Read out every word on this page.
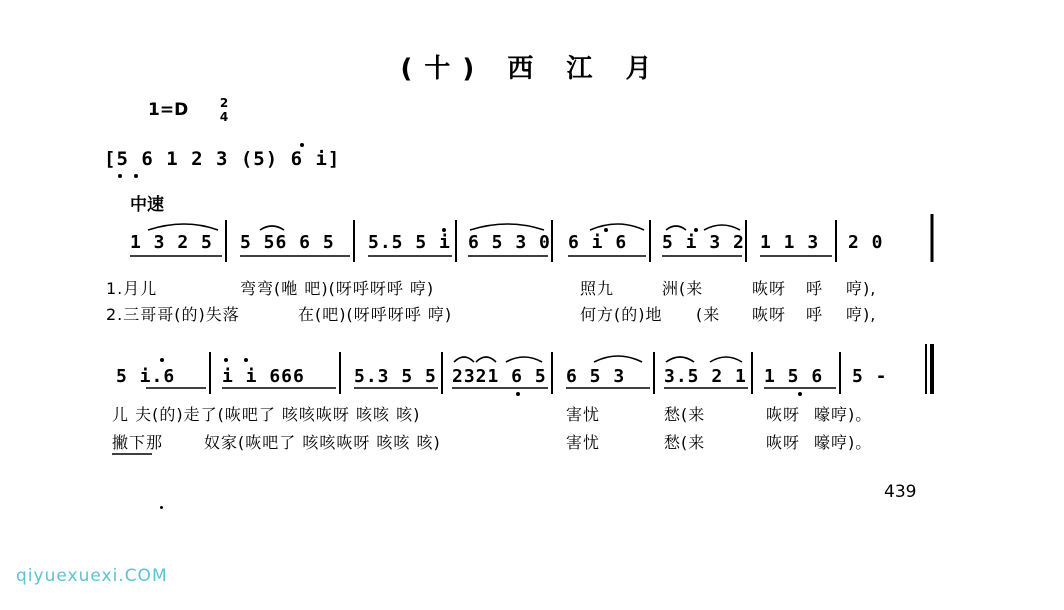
(十) 西 江 月
1=D	2
4
[5 6 1 2 3 (5) 6 i]
中速
1 3 2 5 5 56 6 5 5.5 5 i 6 5 3 0 6 i 6 5 i 3 2 1 1 3 2 0
1.月儿	弯弯(咃 吧)(呀呼呀呼 哼)	照九	洲(来	咴呀 呼 哼),
2.三哥哥(的)失落	在(吧)(呀呼呀呼 哼)	何方(的)地 (来 咴呀 呼 哼),
5 i.6	i i 666	5.3 5 5 2321 6 5 6 5 3 3.5 2 1 1 5 6 5 -
儿 夫(的)走了(咴吧了 咳咳咴呀 咳咳 咳)	害忧	愁(来	咴呀 嚎哼)。
撇下那	奴家(咴吧了 咳咳咴呀 咳咳 咳)	害忧	愁(来	咴呀 嚎哼)。
439
qiyuexuexi.COM
